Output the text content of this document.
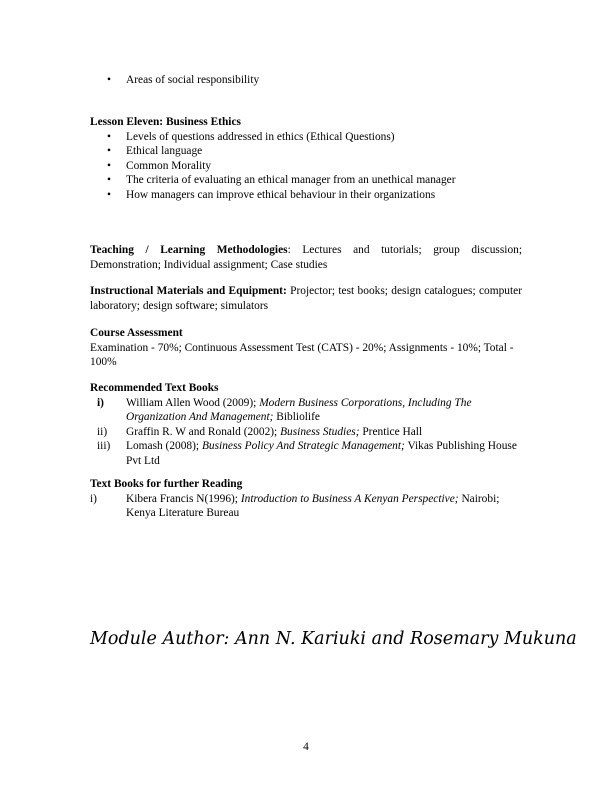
• Areas of social responsibility
Lesson Eleven: Business Ethics
• Levels of questions addressed in ethics (Ethical Questions)
• Ethical language
• Common Morality
• The criteria of evaluating an ethical manager from an unethical manager
• How managers can improve ethical behaviour in their organizations
Teaching / Learning Methodologies: Lectures and tutorials; group discussion; Demonstration; Individual assignment; Case studies
Instructional Materials and Equipment: Projector; test books; design catalogues; computer laboratory; design software; simulators
Course Assessment
Examination - 70%; Continuous Assessment Test (CATS) - 20%; Assignments - 10%; Total - 100%
Recommended Text Books
i) William Allen Wood (2009); Modern Business Corporations, Including The Organization And Management; Bibliolife
ii) Graffin R. W and Ronald (2002); Business Studies; Prentice Hall
iii) Lomash (2008); Business Policy And Strategic Management; Vikas Publishing House Pvt Ltd
Text Books for further Reading
i)	Kibera Francis N(1996); Introduction to Business A Kenyan Perspective; Nairobi; Kenya Literature Bureau
Module Author: Ann N. Kariuki and Rosemary Mukuna
4
